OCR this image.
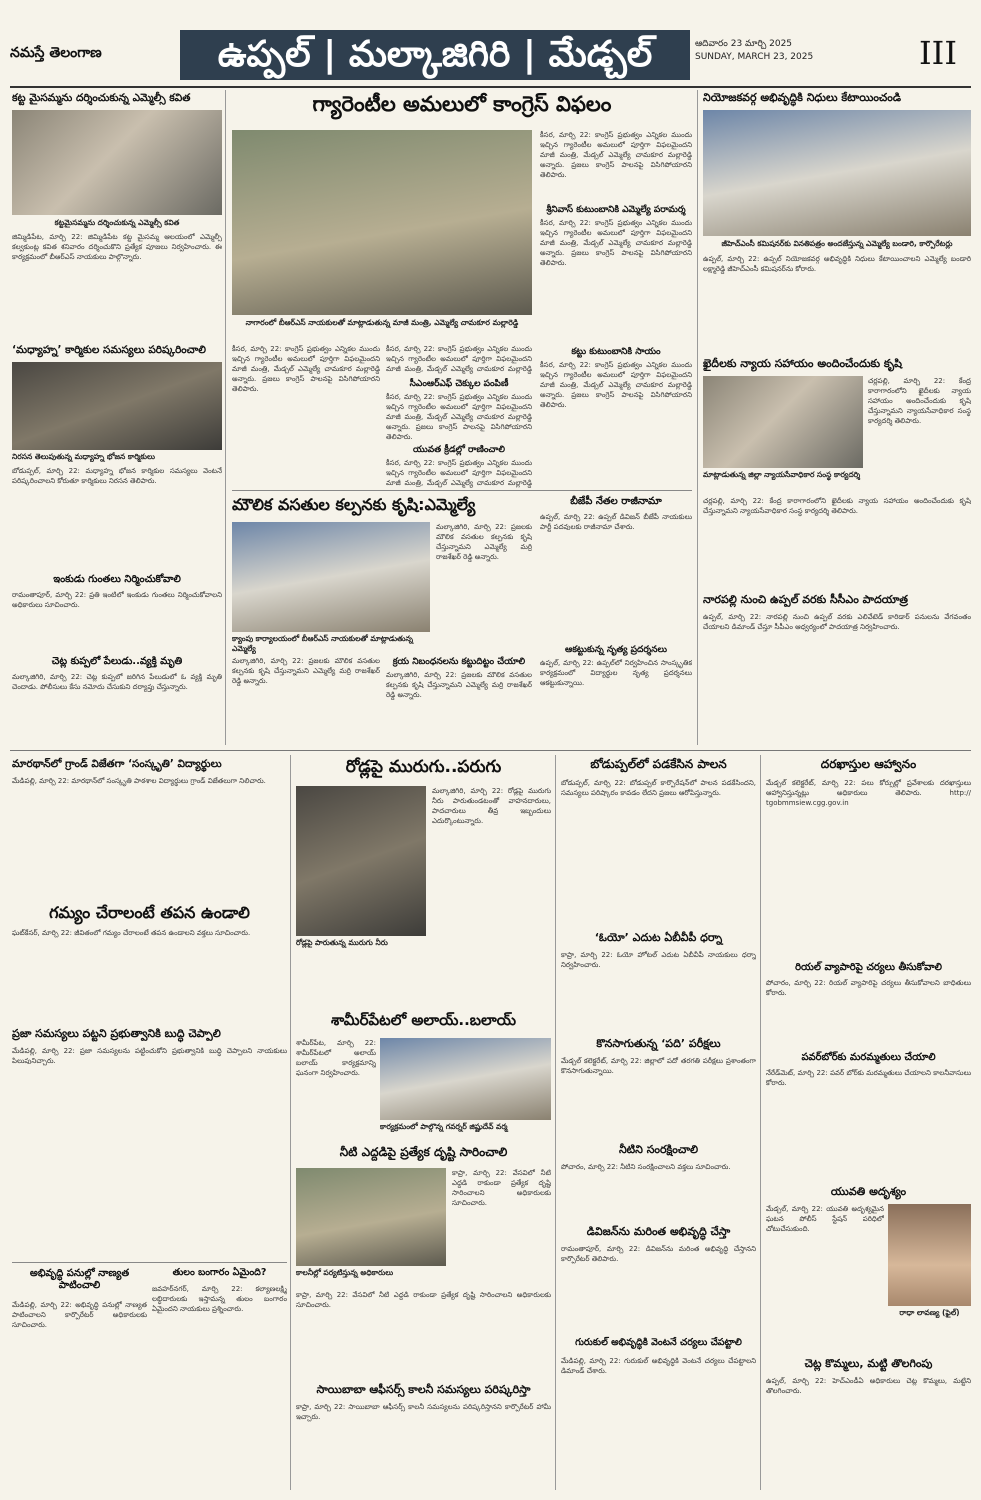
నమస్తే తెలంగాణ	ఉప్పల్ | మల్కాజిగిరి | మేడ్చల్	ఆదివారం 23 మార్చి 2025
SUNDAY, MARCH 23, 2025	III
కట్ట మైసమ్మను దర్శించుకున్న ఎమ్మెల్సీ కవిత
కట్టమైసమ్మను దర్శించుకున్న ఎమ్మెల్సీ కవిత
జిమ్మిడిపేట, మార్చి 22: జిమ్మిడిపేట కట్ట మైసమ్మ ఆలయంలో ఎమ్మెల్సీ కల్వకుంట్ల కవిత శనివారం దర్శించుకొని ప్రత్యేక పూజలు నిర్వహించారు. ఈ కార్యక్రమంలో బీఆర్ఎస్ నాయకులు పాల్గొన్నారు.
‘మధ్యాహ్న’ కార్మికుల సమస్యలు పరిష్కరించాలి
నిరసన తెలుపుతున్న మధ్యాహ్న భోజన కార్మికులు
బోడుప్పల్, మార్చి 22: మధ్యాహ్న భోజన కార్మికుల సమస్యలు వెంటనే పరిష్కరించాలని కోరుతూ కార్మికులు నిరసన తెలిపారు.
ఇంకుడు గుంతలు నిర్మించుకోవాలి
రామంతాపూర్, మార్చి 22: ప్రతి ఇంటిలో ఇంకుడు గుంతలు నిర్మించుకోవాలని అధికారులు సూచించారు.
చెట్ల కుప్పలో పేలుడు..వ్యక్తి మృతి
మల్కాజిగిరి, మార్చి 22: చెట్ల కుప్పలో జరిగిన పేలుడులో ఓ వ్యక్తి మృతి చెందాడు. పోలీసులు కేసు నమోదు చేసుకుని దర్యాప్తు చేస్తున్నారు.
గ్యారెంటీల అమలులో కాంగ్రెస్ విఫలం
నాగారంలో బీఆర్ఎస్ నాయకులతో మాట్లాడుతున్న మాజీ మంత్రి, ఎమ్మెల్యే చామకూర మల్లారెడ్డి
కీసర, మార్చి 22: కాంగ్రెస్ ప్రభుత్వం ఎన్నికల ముందు ఇచ్చిన గ్యారెంటీల అమలులో పూర్తిగా విఫలమైందని మాజీ మంత్రి, మేడ్చల్ ఎమ్మెల్యే చామకూర మల్లారెడ్డి అన్నారు. ప్రజలు కాంగ్రెస్ పాలనపై విసిగిపోయారని తెలిపారు.
కీసర, మార్చి 22: కాంగ్రెస్ ప్రభుత్వం ఎన్నికల ముందు ఇచ్చిన గ్యారెంటీల అమలులో పూర్తిగా విఫలమైందని మాజీ మంత్రి, మేడ్చల్ ఎమ్మెల్యే చామకూర మల్లారెడ్డి
సీఎంఆర్ఎఫ్ చెక్కుల పంపిణీ
కీసర, మార్చి 22: కాంగ్రెస్ ప్రభుత్వం ఎన్నికల ముందు ఇచ్చిన గ్యారెంటీల అమలులో పూర్తిగా విఫలమైందని మాజీ మంత్రి, మేడ్చల్ ఎమ్మెల్యే చామకూర మల్లారెడ్డి అన్నారు. ప్రజలు కాంగ్రెస్ పాలనపై విసిగిపోయారని తెలిపారు.
యువత క్రీడల్లో రాణించాలి
కీసర, మార్చి 22: కాంగ్రెస్ ప్రభుత్వం ఎన్నికల ముందు ఇచ్చిన గ్యారెంటీల అమలులో పూర్తిగా విఫలమైందని మాజీ మంత్రి, మేడ్చల్ ఎమ్మెల్యే చామకూర మల్లారెడ్డి
కీసర, మార్చి 22: కాంగ్రెస్ ప్రభుత్వం ఎన్నికల ముందు ఇచ్చిన గ్యారెంటీల అమలులో పూర్తిగా విఫలమైందని మాజీ మంత్రి, మేడ్చల్ ఎమ్మెల్యే చామకూర మల్లారెడ్డి అన్నారు. ప్రజలు కాంగ్రెస్ పాలనపై విసిగిపోయారని తెలిపారు.
శ్రీనివాస్ కుటుంబానికి ఎమ్మెల్యే పరామర్శ
కీసర, మార్చి 22: కాంగ్రెస్ ప్రభుత్వం ఎన్నికల ముందు ఇచ్చిన గ్యారెంటీల అమలులో పూర్తిగా విఫలమైందని మాజీ మంత్రి, మేడ్చల్ ఎమ్మెల్యే చామకూర మల్లారెడ్డి అన్నారు. ప్రజలు కాంగ్రెస్ పాలనపై విసిగిపోయారని తెలిపారు.
కట్టు కుటుంబానికి సాయం
కీసర, మార్చి 22: కాంగ్రెస్ ప్రభుత్వం ఎన్నికల ముందు ఇచ్చిన గ్యారెంటీల అమలులో పూర్తిగా విఫలమైందని మాజీ మంత్రి, మేడ్చల్ ఎమ్మెల్యే చామకూర మల్లారెడ్డి అన్నారు. ప్రజలు కాంగ్రెస్ పాలనపై విసిగిపోయారని తెలిపారు.
మౌలిక వసతుల కల్పనకు కృషి:ఎమ్మెల్యే
క్యాంపు కార్యాలయంలో బీఆర్ఎస్ నాయకులతో మాట్లాడుతున్న ఎమ్మెల్యే
మల్కాజిగిరి, మార్చి 22: ప్రజలకు మౌలిక వసతుల కల్పనకు కృషి చేస్తున్నామని ఎమ్మెల్యే మర్రి రాజశేఖర్ రెడ్డి అన్నారు.
మల్కాజిగిరి, మార్చి 22: ప్రజలకు మౌలిక వసతుల కల్పనకు కృషి చేస్తున్నామని ఎమ్మెల్యే మర్రి రాజశేఖర్ రెడ్డి అన్నారు.
క్రయ నిబంధనలను కట్టుదిట్టం చేయాలి
మల్కాజిగిరి, మార్చి 22: ప్రజలకు మౌలిక వసతుల కల్పనకు కృషి చేస్తున్నామని ఎమ్మెల్యే మర్రి రాజశేఖర్ రెడ్డి అన్నారు.
బీజేపీ నేతల రాజీనామా
ఉప్పల్, మార్చి 22: ఉప్పల్ డివిజన్ బీజేపీ నాయకులు పార్టీ పదవులకు రాజీనామా చేశారు.
ఆకట్టుకున్న నృత్య ప్రదర్శనలు
ఉప్పల్, మార్చి 22: ఉప్పల్‌లో నిర్వహించిన సాంస్కృతిక కార్యక్రమంలో విద్యార్థుల నృత్య ప్రదర్శనలు ఆకట్టుకున్నాయి.
నియోజకవర్గ అభివృద్ధికి నిధులు కేటాయించండి
జీహెచ్ఎంసీ కమిషనర్‌కు వినతిపత్రం అందజేస్తున్న ఎమ్మెల్యే బండారి, కార్పొరేటర్లు
ఉప్పల్, మార్చి 22: ఉప్పల్ నియోజకవర్గ అభివృద్ధికి నిధులు కేటాయించాలని ఎమ్మెల్యే బండారి లక్ష్మారెడ్డి జీహెచ్ఎంసీ కమిషనర్‌ను కోరారు.
ఖైదీలకు న్యాయ సహాయం అందించేందుకు కృషి
మాట్లాడుతున్న జిల్లా న్యాయసేవాధికార సంస్థ కార్యదర్శి
చర్లపల్లి, మార్చి 22: కేంద్ర కారాగారంలోని ఖైదీలకు న్యాయ సహాయం అందించేందుకు కృషి చేస్తున్నామని న్యాయసేవాధికార సంస్థ కార్యదర్శి తెలిపారు.
చర్లపల్లి, మార్చి 22: కేంద్ర కారాగారంలోని ఖైదీలకు న్యాయ సహాయం అందించేందుకు కృషి చేస్తున్నామని న్యాయసేవాధికార సంస్థ కార్యదర్శి తెలిపారు.
నారపల్లి నుంచి ఉప్పల్ వరకు సీసీఎం పాదయాత్ర
ఉప్పల్, మార్చి 22: నారపల్లి నుంచి ఉప్పల్ వరకు ఎలివేటెడ్ కారిడార్ పనులను వేగవంతం చేయాలని డిమాండ్ చేస్తూ సీపీఎం ఆధ్వర్యంలో పాదయాత్ర నిర్వహించారు.
మారథాన్‌లో గ్రాండ్ విజేతగా ‘సంస్కృతి’ విద్యార్థులు
మేడిపల్లి, మార్చి 22: మారథాన్‌లో సంస్కృతి పాఠశాల విద్యార్థులు గ్రాండ్ విజేతలుగా నిలిచారు.
గమ్యం చేరాలంటే తపన ఉండాలి
ఘట్‌కేసర్, మార్చి 22: జీవితంలో గమ్యం చేరాలంటే తపన ఉండాలని వక్తలు సూచించారు.
ప్రజా సమస్యలు పట్టని ప్రభుత్వానికి బుద్ధి చెప్పాలి
మేడిపల్లి, మార్చి 22: ప్రజా సమస్యలను పట్టించుకోని ప్రభుత్వానికి బుద్ధి చెప్పాలని నాయకులు పిలుపునిచ్చారు.
అభివృద్ధి పనుల్లో నాణ్యత పాటించాలి
మేడిపల్లి, మార్చి 22: అభివృద్ధి పనుల్లో నాణ్యత పాటించాలని కార్పొరేటర్ అధికారులకు సూచించారు.
తులం బంగారం ఏమైంది?
జవహర్‌నగర్, మార్చి 22: కల్యాణలక్ష్మి లబ్ధిదారులకు ఇస్తామన్న తులం బంగారం ఏమైందని నాయకులు ప్రశ్నించారు.
రోడ్లపై మురుగు..పరుగు
రోడ్లపై పారుతున్న మురుగు నీరు
మల్కాజిగిరి, మార్చి 22: రోడ్లపై మురుగు నీరు పారుతుండటంతో వాహనదారులు, పాదచారులు తీవ్ర ఇబ్బందులు ఎదుర్కొంటున్నారు.
శామీర్‌పేటలో అలాయ్..బలాయ్
శామీర్‌పేట, మార్చి 22: శామీర్‌పేటలో అలాయ్ బలాయ్ కార్యక్రమాన్ని ఘనంగా నిర్వహించారు.
కార్యక్రమంలో పాల్గొన్న గవర్నర్ జిష్ణుదేవ్ వర్మ
నీటి ఎద్దడిపై ప్రత్యేక దృష్టి సారించాలి
కాలనీల్లో పర్యటిస్తున్న అధికారులు
కాప్రా, మార్చి 22: వేసవిలో నీటి ఎద్దడి రాకుండా ప్రత్యేక దృష్టి సారించాలని అధికారులకు సూచించారు.
కాప్రా, మార్చి 22: వేసవిలో నీటి ఎద్దడి రాకుండా ప్రత్యేక దృష్టి సారించాలని అధికారులకు సూచించారు.
సాయిబాబా ఆఫీసర్స్ కాలనీ సమస్యలు పరిష్కరిస్తా
కాప్రా, మార్చి 22: సాయిబాబా ఆఫీసర్స్ కాలనీ సమస్యలను పరిష్కరిస్తానని కార్పొరేటర్ హామీ ఇచ్చారు.
బోడుప్పల్‌లో పడకేసిన పాలన
బోడుప్పల్, మార్చి 22: బోడుప్పల్ కార్పొరేషన్‌లో పాలన పడకేసిందని, సమస్యలు పరిష్కారం కావడం లేదని ప్రజలు ఆరోపిస్తున్నారు.
‘ఓయో’ ఎదుట ఏబీవీపీ ధర్నా
కాప్రా, మార్చి 22: ఓయో హోటల్ ఎదుట ఏబీవీపీ నాయకులు ధర్నా నిర్వహించారు.
కొనసాగుతున్న ‘పది’ పరీక్షలు
మేడ్చల్ కలెక్టరేట్, మార్చి 22: జిల్లాలో పదో తరగతి పరీక్షలు ప్రశాంతంగా కొనసాగుతున్నాయి.
నీటిని సంరక్షించాలి
పోచారం, మార్చి 22: నీటిని సంరక్షించాలని వక్తలు సూచించారు.
డివిజన్‌ను మరింత అభివృద్ధి చేస్తా
రామంతాపూర్, మార్చి 22: డివిజన్‌ను మరింత అభివృద్ధి చేస్తానని కార్పొరేటర్ తెలిపారు.
గురుకుల్ అభివృద్ధికి వెంటనే చర్యలు చేపట్టాలి
మేడిపల్లి, మార్చి 22: గురుకుల్ అభివృద్ధికి వెంటనే చర్యలు చేపట్టాలని డిమాండ్ చేశారు.
దరఖాస్తుల ఆహ్వానం
మేడ్చల్ కలెక్టరేట్, మార్చి 22: పలు కోర్సుల్లో ప్రవేశాలకు దరఖాస్తులు ఆహ్వానిస్తున్నట్లు అధికారులు తెలిపారు. http:// tgobmmsiew.cgg.gov.in
రియల్ వ్యాపారిపై చర్యలు తీసుకోవాలి
పోచారం, మార్చి 22: రియల్ వ్యాపారిపై చర్యలు తీసుకోవాలని బాధితులు కోరారు.
పవర్‌బోర్‌కు మరమ్మతులు చేయాలి
నేరేడ్‌మెట్, మార్చి 22: పవర్ బోర్‌కు మరమ్మతులు చేయాలని కాలనీవాసులు కోరారు.
యువతి అదృశ్యం
మేడ్చల్, మార్చి 22: యువతి అదృశ్యమైన ఘటన పోలీస్ స్టేషన్ పరిధిలో చోటుచేసుకుంది.
రాధా లావణ్య (ఫైల్)
చెట్ల కొమ్మలు, మట్టి తొలగింపు
ఉప్పల్, మార్చి 22: హెచ్ఎండీఏ అధికారులు చెట్ల కొమ్మలు, మట్టిని తొలగించారు.
